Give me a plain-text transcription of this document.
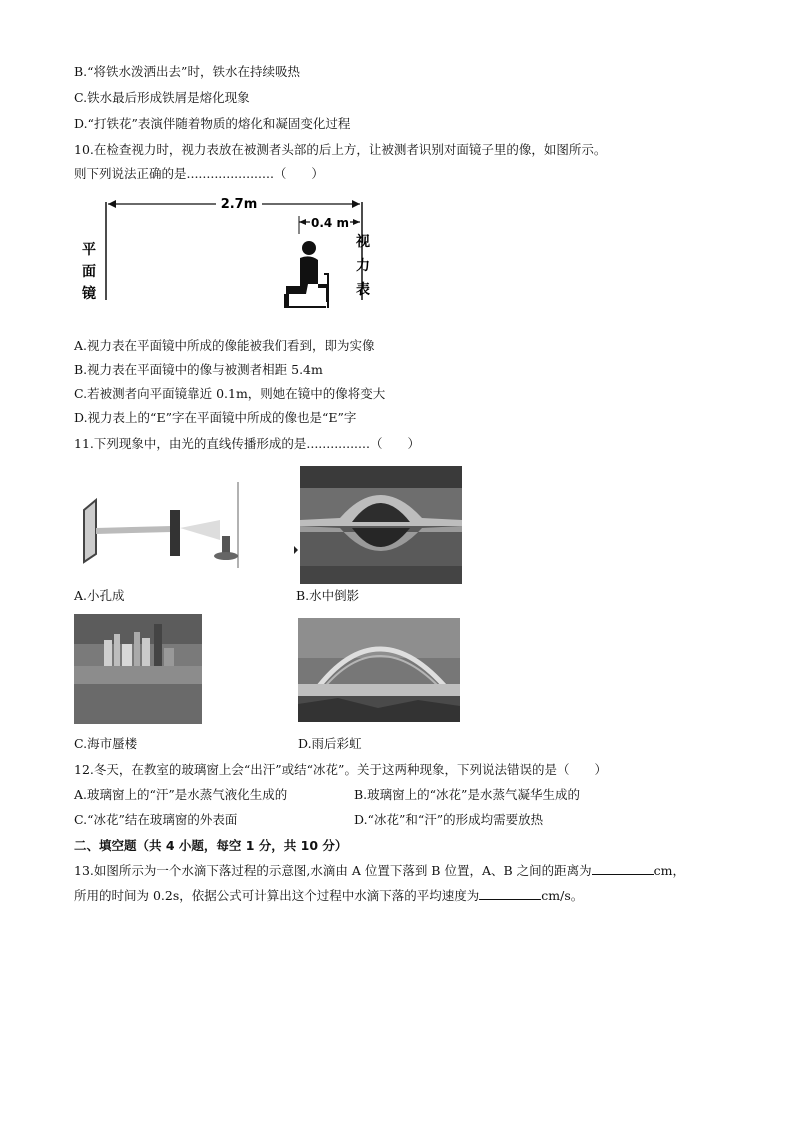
B.“将铁水泼洒出去”时，铁水在持续吸热
C.铁水最后形成铁屑是熔化现象
D.“打铁花”表演伴随着物质的熔化和凝固变化过程
10.在检查视力时，视力表放在被测者头部的后上方，让被测者识别对面镜子里的像，如图所示。
则下列说法正确的是......................（　　）
2.7m
0.4 m
平
面
镜
视
力
表
A.视力表在平面镜中所成的像能被我们看到，即为实像
B.视力表在平面镜中的像与被测者相距 5.4m
C.若被测者向平面镜靠近 0.1m，则她在镜中的像将变大
D.视力表上的“E”字在平面镜中所成的像也是“E”字
11.下列现象中，由光的直线传播形成的是................（　　）
A.小孔成	B.水中倒影
C.海市蜃楼	D.雨后彩虹
12.冬天，在教室的玻璃窗上会“出汗”或结“冰花”。关于这两种现象，下列说法错误的是（　　）
A.玻璃窗上的“汗”是水蒸气液化生成的	B.玻璃窗上的“冰花”是水蒸气凝华生成的
C.“冰花”结在玻璃窗的外表面	D.“冰花”和“汗”的形成均需要放热
二、填空题（共 4 小题，每空 1 分，共 10 分）
13.如图所示为一个水滴下落过程的示意图,水滴由 A 位置下落到 B 位置，A、B 之间的距离为	cm，
所用的时间为 0.2s，依据公式可计算出这个过程中水滴下落的平均速度为	cm/s。
